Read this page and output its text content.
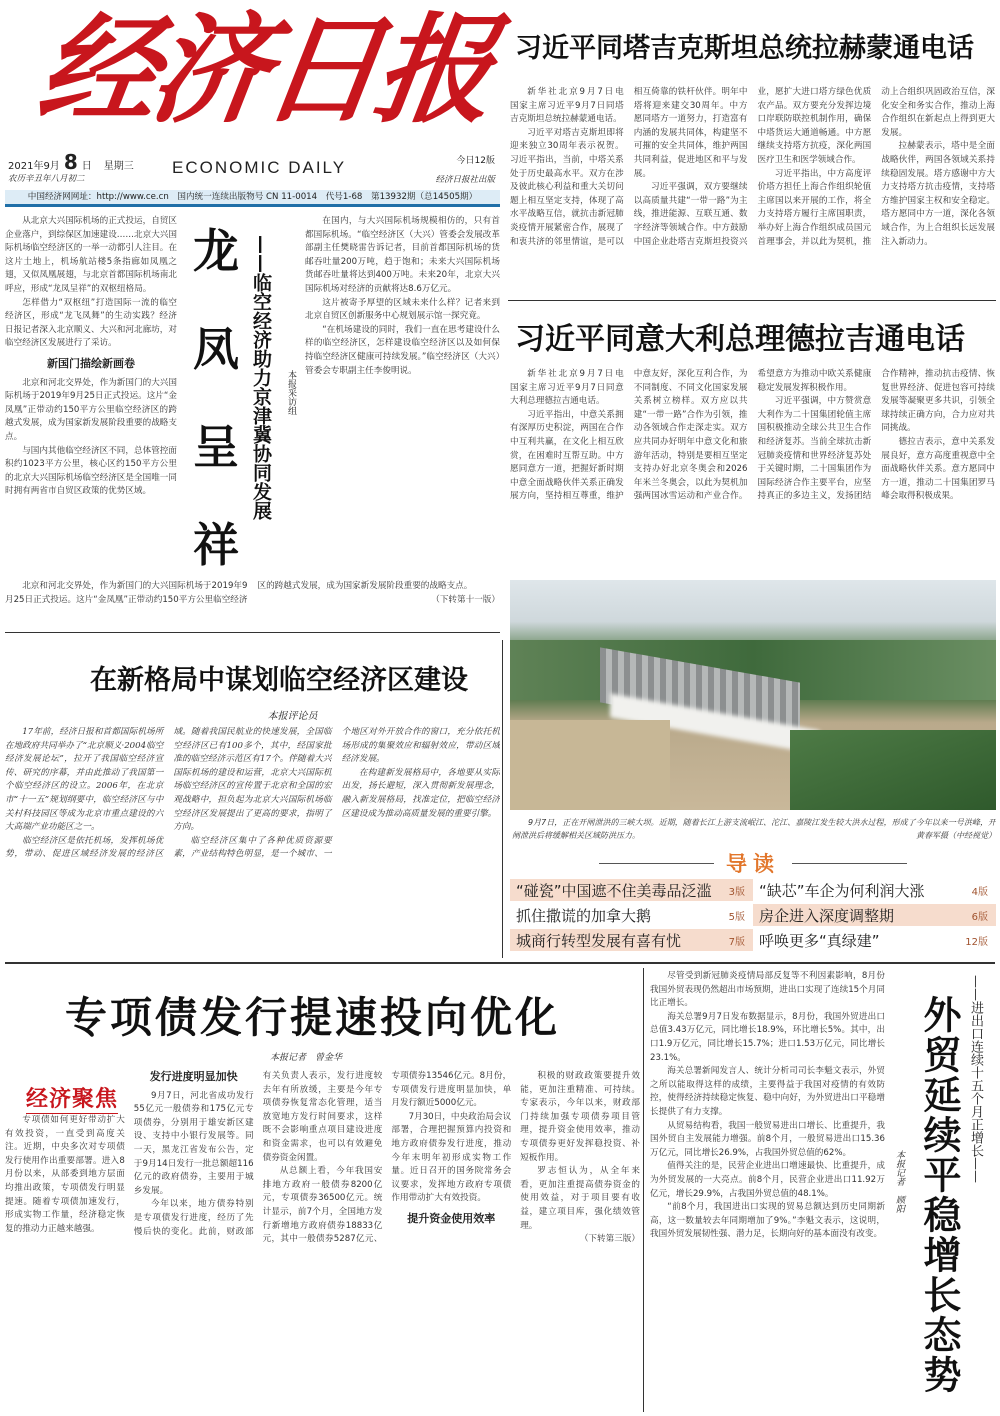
经济日报
2021年9月 8 日 星期三
农历辛丑年八月初二
ECONOMIC DAILY	今日12版
经济日报社出版
中国经济网网址：http://www.ce.cn　国内统一连续出版物号 CN 11-0014　代号1-68　第13932期（总14505期）
习近平同塔吉克斯坦总统拉赫蒙通电话

新华社北京9月7日电　国家主席习近平9月7日同塔吉克斯坦总统拉赫蒙通电话。

习近平对塔吉克斯坦即将迎来独立30周年表示祝贺。习近平指出，当前，中塔关系处于历史最高水平。双方在涉及彼此核心利益和重大关切问题上相互坚定支持，体现了高水平战略互信，就抗击新冠肺炎疫情开展紧密合作，展现了和衷共济的邻里情谊，是可以相互倚靠的铁杆伙伴。明年中塔将迎来建交30周年。中方愿同塔方一道努力，打造富有内涵的发展共同体，构建坚不可摧的安全共同体，维护两国共同利益，促进地区和平与发展。

习近平强调，双方要继续以高质量共建“一带一路”为主线，推进能源、互联互通、数字经济等领域合作。中方鼓励中国企业赴塔吉克斯坦投资兴业，愿扩大进口塔方绿色优质农产品。双方要充分发挥边境口岸联防联控机制作用，确保中塔货运大通道畅通。中方愿继续支持塔方抗疫，深化两国医疗卫生和医学领域合作。

习近平指出，中方高度评价塔方担任上海合作组织轮值主席国以来开展的工作，将全力支持塔方履行主席国职责，举办好上海合作组织成员国元首理事会，并以此为契机，推动上合组织巩固政治互信，深化安全和务实合作，推动上海合作组织在新起点上得到更大发展。

拉赫蒙表示，塔中是全面战略伙伴，两国各领域关系持续稳固发展。塔方感谢中方大力支持塔方抗击疫情，支持塔方维护国家主权和安全稳定。塔方愿同中方一道，深化各领域合作，为上合组织长远发展注入新动力。

习近平同意大利总理德拉吉通电话

新华社北京9月7日电　国家主席习近平9月7日同意大利总理德拉吉通电话。

习近平指出，中意关系拥有深厚历史积淀，两国在合作中互利共赢，在文化上相互欣赏，在困难时互帮互助。中方愿同意方一道，把握好新时期中意全面战略伙伴关系正确发展方向，坚持相互尊重，维护中意友好，深化互利合作，为不同制度、不同文化国家发展关系树立榜样。双方应以共建“一带一路”合作为引领，推动各领域合作走深走实。双方应共同办好明年中意文化和旅游年活动，特别是要相互坚定支持办好北京冬奥会和2026年米兰冬奥会，以此为契机加强两国冰雪运动和产业合作。希望意方为推动中欧关系健康稳定发展发挥积极作用。

习近平强调，中方赞赏意大利作为二十国集团轮值主席国积极推动全球公共卫生合作和经济复苏。当前全球抗击新冠肺炎疫情和世界经济复苏处于关键时期，二十国集团作为国际经济合作主要平台，应坚持真正的多边主义，发扬团结合作精神，推动抗击疫情、恢复世界经济、促进包容可持续发展等凝聚更多共识，引领全球持续正确方向，合力应对共同挑战。

德拉吉表示，意中关系发展良好，意方高度重视意中全面战略伙伴关系。意方愿同中方一道，推动二十国集团罗马峰会取得积极成果。

9月7日，正在开闸泄洪的三峡大坝。近期，随着长江上游支流岷江、沱江、嘉陵江发生较大洪水过程，形成了今年以来一号洪峰，开闸泄洪后将缓解相关区域防洪压力。	黄春军摄（中经视觉）
导读
“碰瓷”中国遮不住美毒品泛滥 3版 “缺芯”车企为何利润大涨	4版
抓住撒谎的加拿大鹅	5版 房企进入深度调整期	6版
城商行转型发展有喜有忧	7版 呼唤更多“真绿建”	12版

从北京大兴国际机场的正式投运，自贸区企业落户，到综保区加速建设……北京大兴国际机场临空经济区的一举一动都引人注目。在这片土地上，机场航站楼5条指廊如凤凰之翅，又似凤凰展翅，与北京首都国际机场南北呼应，形成“龙凤呈祥”的双枢纽格局。

怎样借力“双枢纽”打造国际一流的临空经济区，形成“龙飞凤舞”的生动实践？经济日报记者深入北京顺义、大兴和河北廊坊，对临空经济区发展进行了采访。

新国门描绘新画卷

北京和河北交界处，作为新国门的大兴国际机场于2019年9月25日正式投运。这片“金凤凰”正带动约150平方公里临空经济区的跨越式发展，成为国家新发展阶段重要的战略支点。

与国内其他临空经济区不同，总体管控面积约1023平方公里，核心区约150平方公里的北京大兴国际机场临空经济区是全国唯一同时拥有两省市自贸区政策的优势区域。

龙
凤
呈
祥
——临空经济助力京津冀协同发展	本报采访组

在国内，与大兴国际机场规模相仿的，只有首都国际机场。“临空经济区（大兴）管委会发展改革部副主任樊晓雷告诉记者，目前首都国际机场的货邮吞吐量200万吨，趋于饱和；未来大兴国际机场货邮吞吐量将达到400万吨。未来20年，北京大兴国际机场对经济的贡献将达8.6万亿元。

这片被寄予厚望的区域未来什么样？记者来到北京自贸区创新服务中心规划展示馆一探究竟。

“在机场建设的同时，我们一直在思考建设什么样的临空经济区，怎样建设临空经济区以及如何保持临空经济区健康可持续发展。”临空经济区（大兴）管委会专职副主任李俊明说。

北京和河北交界处，作为新国门的大兴国际机场于2019年9月25日正式投运。这片“金凤凰”正带动约150平方公里临空经济区的跨越式发展，成为国家新发展阶段重要的战略支点。

（下转第十一版）

在新格局中谋划临空经济区建设
本报评论员

17年前，经济日报和首都国际机场所在地政府共同举办了“北京顺义·2004临空经济发展论坛”，拉开了我国临空经济宣传、研究的序幕，并由此推动了我国第一个临空经济区的设立。2006年，在北京市“十一五”规划纲要中，临空经济区与中关村科技园区等成为北京市重点建设的六大高端产业功能区之一。

临空经济区是依托机场，发挥机场优势，带动、促进区域经济发展的经济区域。随着我国民航业的快速发展，全国临空经济区已有100多个，其中，经国家批准的临空经济示范区有17个。伴随着大兴国际机场的建设和运营，北京大兴国际机场临空经济区的宣传置于北京和全国的宏观战略中，担负起为北京大兴国际机场临空经济区发展提出了更高的要求，指明了方向。

临空经济区集中了各种优质资源要素，产业结构特色明显，是一个城市、一个地区对外开放合作的窗口，充分依托机场形成的集聚效应和辐射效应，带动区域经济发展。

在构建新发展格局中，各地要从实际出发，扬长避短，深入贯彻新发展理念，融入新发展格局，找准定位，把临空经济区建设成为推动高质量发展的重要引擎。

专项债发行提速投向优化
本报记者　曾金华
经济聚焦

专项债如何更好带动扩大有效投资，一直受到高度关注。近期，中央多次对专项债发行使用作出重要部署。进入8月份以来，从部委到地方层面均推出政策，专项债发行明显提速。随着专项债加速发行，形成实物工作量，经济稳定恢复的推动力正越来越强。

发行进度明显加快

9月7日，河北省成功发行55亿元一般债券和175亿元专项债券，分别用于雄安新区建设、支持中小银行发展等。同一天，黑龙江省发布公告，定于9月14日发行一批总额超116亿元的政府债券，主要用于城乡发展。

今年以来，地方债券特别是专项债发行进度，经历了先慢后快的变化。此前，财政部有关负责人表示，发行进度较去年有所放缓，主要是今年专项债券恢复常态化管理，适当放宽地方发行时间要求，这样既不会影响重点项目建设进度和资金需求，也可以有效避免债券资金闲置。

从总额上看，今年我国安排地方政府一般债券8200亿元，专项债券36500亿元。统计显示，前7个月，全国地方发行新增地方政府债券18833亿元，其中一般债券5287亿元、专项债券13546亿元。8月份，专项债发行进度明显加快，单月发行额近5000亿元。

7月30日，中央政治局会议部署，合理把握预算内投资和地方政府债券发行进度，推动今年末明年初形成实物工作量。近日召开的国务院常务会议要求，发挥地方政府专项债作用带动扩大有效投资。

提升资金使用效率

积极的财政政策要提升效能，更加注重精准、可持续。专家表示，今年以来，财政部门持续加强专项债券项目管理，提升资金使用效率，推动专项债券更好发挥稳投资、补短板作用。

罗志恒认为，从全年来看，更加注重提高债券资金的使用效益，对于项目要有收益，建立项目库，强化绩效管理。

（下转第三版）

尽管受到新冠肺炎疫情局部反复等不利因素影响，8月份我国外贸表现仍然超出市场预期，进出口实现了连续15个月同比正增长。

海关总署9月7日发布数据显示，8月份，我国外贸进出口总值3.43万亿元，同比增长18.9%，环比增长5%。其中，出口1.9万亿元，同比增长15.7%；进口1.53万亿元，同比增长23.1%。

海关总署新闻发言人、统计分析司司长李魁文表示，外贸之所以能取得这样的成绩，主要得益于我国对疫情的有效防控，使得经济持续稳定恢复、稳中向好，为外贸进出口平稳增长提供了有力支撑。

从贸易结构看，我国一般贸易进出口增长、比重提升，我国外贸自主发展能力增强。前8个月，一般贸易进出口15.36万亿元，同比增长26.9%，占我国外贸总值的62%。

值得关注的是，民营企业进出口增速最快、比重提升，成为外贸发展的一大亮点。前8个月，民营企业进出口11.92万亿元，增长29.9%，占我国外贸总值的48.1%。

“前8个月，我国进出口实现的贸易总额达到历史同期新高，这一数量较去年同期增加了9%。”李魁文表示，这说明，我国外贸发展韧性强、潜力足，长期向好的基本面没有改变。

本报记者　顾阳 外贸延续平稳增长态势 ——进出口连续十五个月正增长——
